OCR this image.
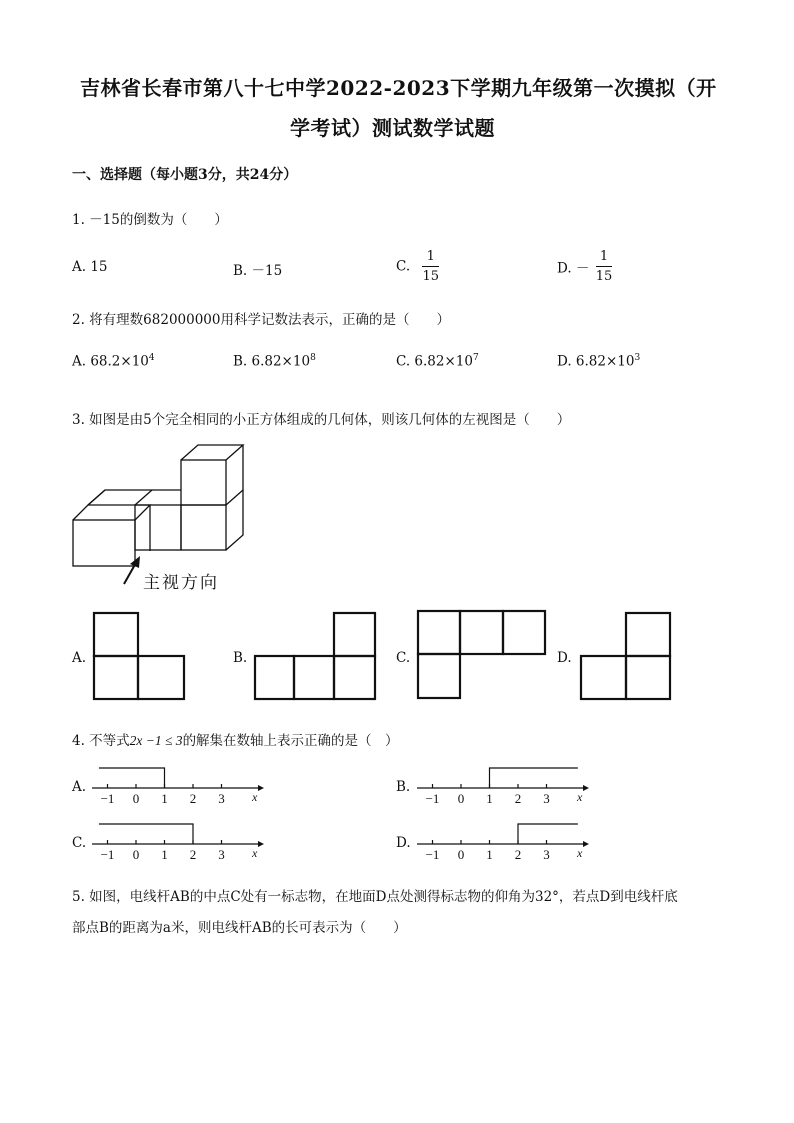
吉林省长春市第八十七中学2022-2023下学期九年级第一次摸拟（开
学考试）测试数学试题
一、选择题（每小题3分，共24分）
1. －15的倒数为（　　）
A. 15	B. －15	C. $\frac{1}{15}$	D. － $\frac{1}{15}$
2. 将有理数682000000用科学记数法表示，正确的是（　　）
A. $68.2\times 10^4$	B. $6.82\times 10^8$	C. $6.82\times 10^7$	D. $6.82\times 10^3$
3. 如图是由5个完全相同的小正方体组成的几何体，则该几何体的左视图是（　　）
主视方向
A.	B.	C.	D.
4. 不等式2x −1 ≤ 3的解集在数轴上表示正确的是（　）
A.
−1 0 1 2 3 x
B.
−1 0 1 2 3 x
C.
−1 0 1 2 3 x
D.
−1 0 1 2 3 x
5. 如图，电线杆AB的中点C处有一标志物，在地面D点处测得标志物的仰角为32°，若点D到电线杆底
部点B的距离为a米，则电线杆AB的长可表示为（　　）
